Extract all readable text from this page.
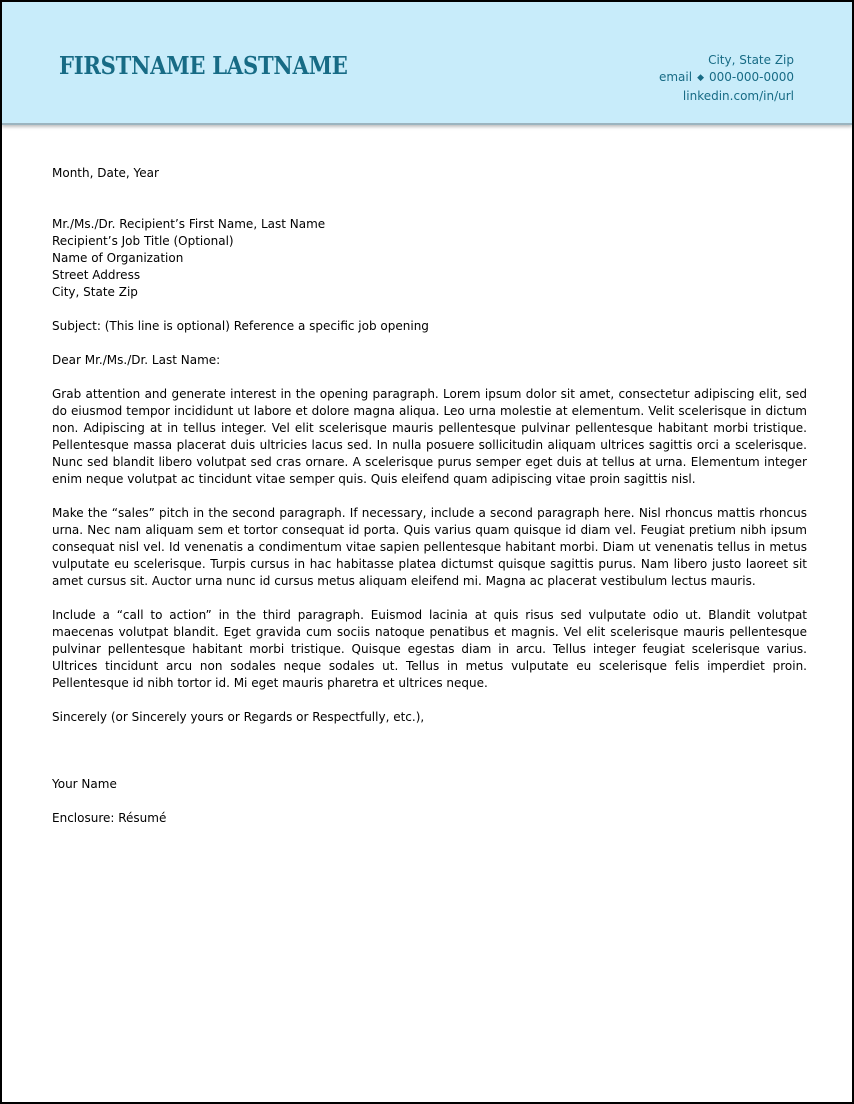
FIRSTNAME LASTNAME	City, State Zip
email ◆ 000-000-0000
linkedin.com/in/url
Month, Date, Year
Mr./Ms./Dr. Recipient’s First Name, Last Name
Recipient’s Job Title (Optional)
Name of Organization
Street Address
City, State Zip
Subject: (This line is optional) Reference a specific job opening
Dear Mr./Ms./Dr. Last Name:

Grab attention and generate interest in the opening paragraph. Lorem ipsum dolor sit amet, consectetur adipiscing elit, sed do eiusmod tempor incididunt ut labore et dolore magna aliqua. Leo urna molestie at elementum. Velit scelerisque in dictum non. Adipiscing at in tellus integer. Vel elit scelerisque mauris pellentesque pulvinar pellentesque habitant morbi tristique. Pellentesque massa placerat duis ultricies lacus sed. In nulla posuere sollicitudin aliquam ultrices sagittis orci a scelerisque. Nunc sed blandit libero volutpat sed cras ornare. A scelerisque purus semper eget duis at tellus at urna. Elementum integer enim neque volutpat ac tincidunt vitae semper quis. Quis eleifend quam adipiscing vitae proin sagittis nisl.

Make the “sales” pitch in the second paragraph. If necessary, include a second paragraph here. Nisl rhoncus mattis rhoncus urna. Nec nam aliquam sem et tortor consequat id porta. Quis varius quam quisque id diam vel. Feugiat pretium nibh ipsum consequat nisl vel. Id venenatis a condimentum vitae sapien pellentesque habitant morbi. Diam ut venenatis tellus in metus vulputate eu scelerisque. Turpis cursus in hac habitasse platea dictumst quisque sagittis purus. Nam libero justo laoreet sit amet cursus sit. Auctor urna nunc id cursus metus aliquam eleifend mi. Magna ac placerat vestibulum lectus mauris.

Include a “call to action” in the third paragraph. Euismod lacinia at quis risus sed vulputate odio ut. Blandit volutpat maecenas volutpat blandit. Eget gravida cum sociis natoque penatibus et magnis. Vel elit scelerisque mauris pellentesque pulvinar pellentesque habitant morbi tristique. Quisque egestas diam in arcu. Tellus integer feugiat scelerisque varius. Ultrices tincidunt arcu non sodales neque sodales ut. Tellus in metus vulputate eu scelerisque felis imperdiet proin. Pellentesque id nibh tortor id. Mi eget mauris pharetra et ultrices neque.

Sincerely (or Sincerely yours or Regards or Respectfully, etc.),
Your Name
Enclosure: Résumé
